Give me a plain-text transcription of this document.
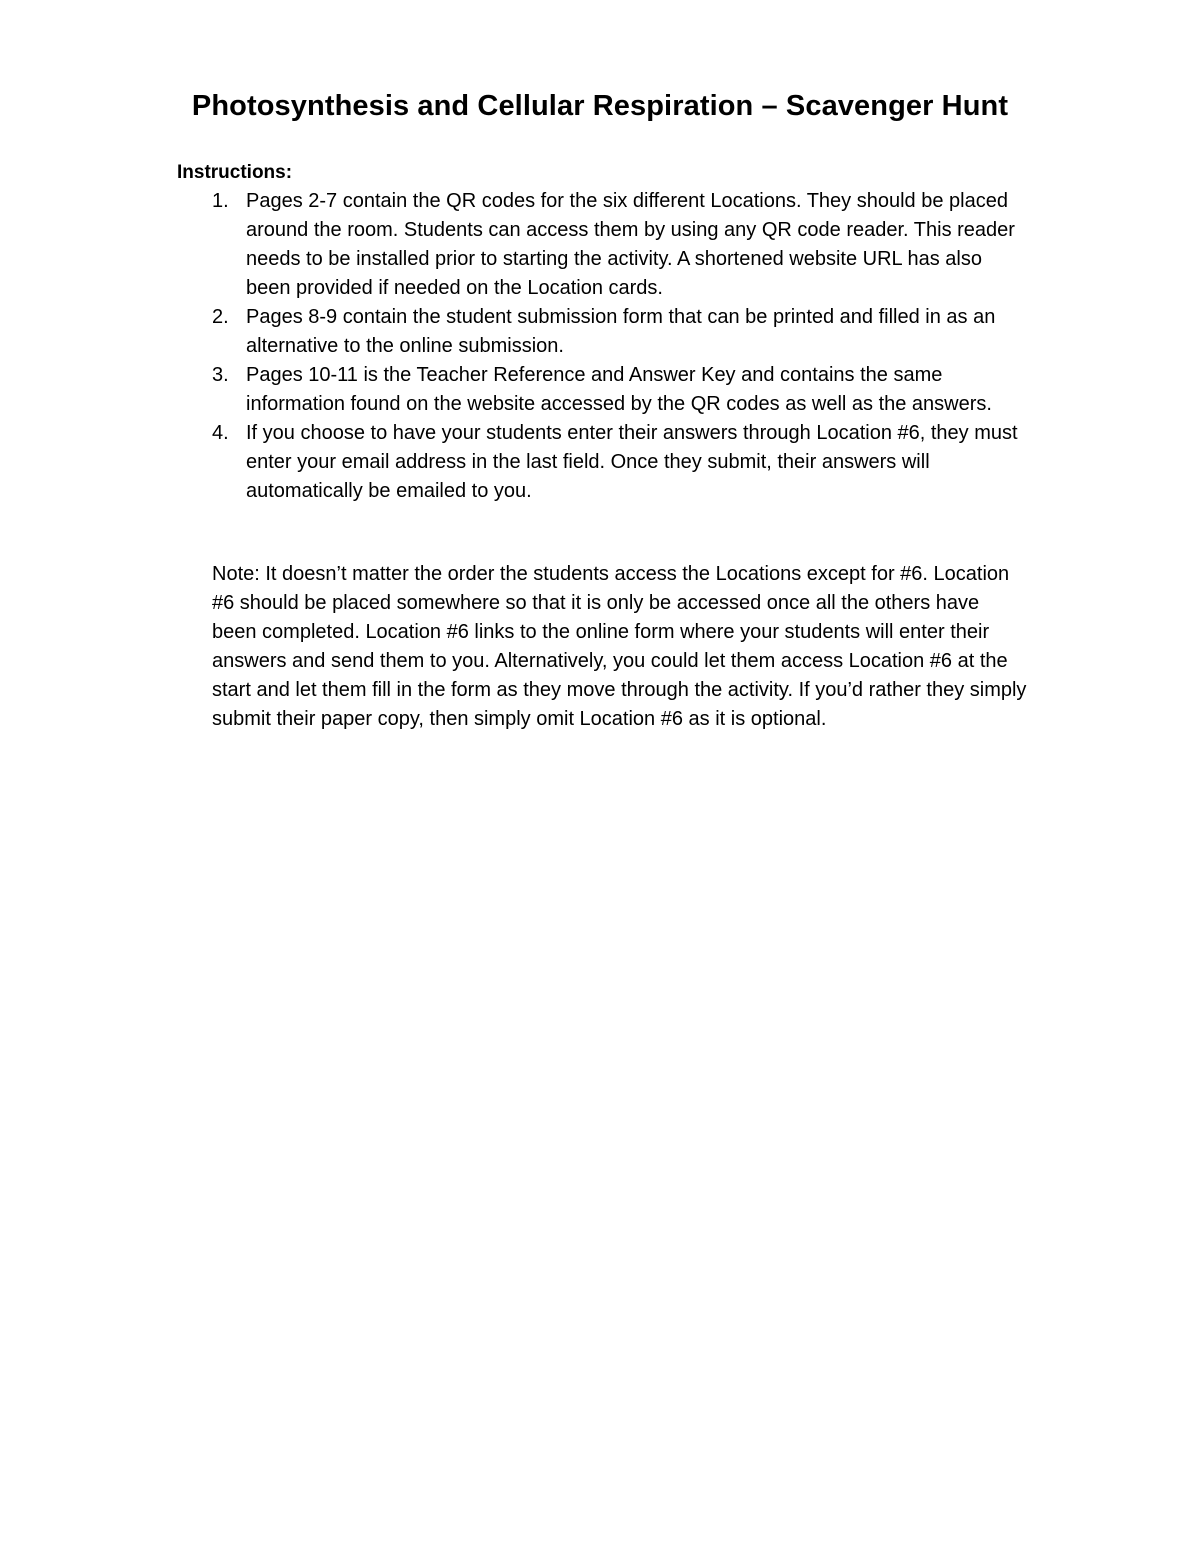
Photosynthesis and Cellular Respiration – Scavenger Hunt

Instructions:

1. Pages 2-7 contain the QR codes for the six different Locations. They should be placed around the room. Students can access them by using any QR code reader. This reader needs to be installed prior to starting the activity. A shortened website URL has also been provided if needed on the Location cards.
2. Pages 8-9 contain the student submission form that can be printed and filled in as an alternative to the online submission.
3. Pages 10-11 is the Teacher Reference and Answer Key and contains the same information found on the website accessed by the QR codes as well as the answers.
4. If you choose to have your students enter their answers through Location #6, they must enter your email address in the last field. Once they submit, their answers will automatically be emailed to you.

Note: It doesn’t matter the order the students access the Locations except for #6. Location #6 should be placed somewhere so that it is only be accessed once all the others have been completed. Location #6 links to the online form where your students will enter their answers and send them to you. Alternatively, you could let them access Location #6 at the start and let them fill in the form as they move through the activity. If you’d rather they simply submit their paper copy, then simply omit Location #6 as it is optional.
